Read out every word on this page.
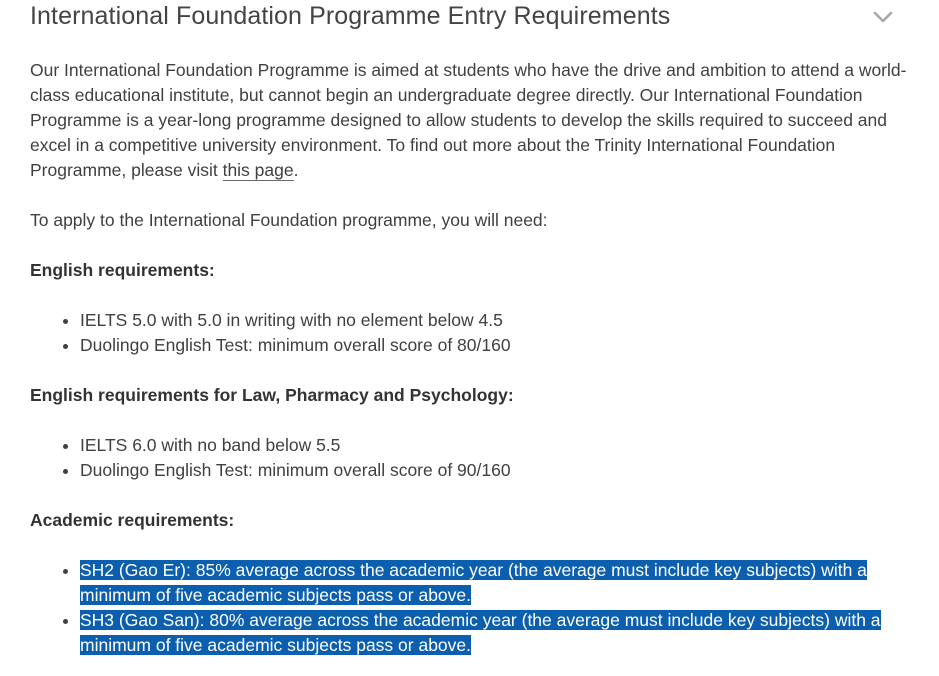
International Foundation Programme Entry Requirements

Our International Foundation Programme is aimed at students who have the drive and ambition to attend a world-class educational institute, but cannot begin an undergraduate degree directly. Our International Foundation Programme is a year-long programme designed to allow students to develop the skills required to succeed and excel in a competitive university environment. To find out more about the Trinity International Foundation Programme, please visit this page.

To apply to the International Foundation programme, you will need:

English requirements:

• IELTS 5.0 with 5.0 in writing with no element below 4.5
• Duolingo English Test: minimum overall score of 80/160

English requirements for Law, Pharmacy and Psychology:

• IELTS 6.0 with no band below 5.5
• Duolingo English Test: minimum overall score of 90/160

Academic requirements:

• SH2 (Gao Er): 85% average across the academic year (the average must include key subjects) with a minimum of five academic subjects pass or above.
• SH3 (Gao San): 80% average across the academic year (the average must include key subjects) with a minimum of five academic subjects pass or above.
